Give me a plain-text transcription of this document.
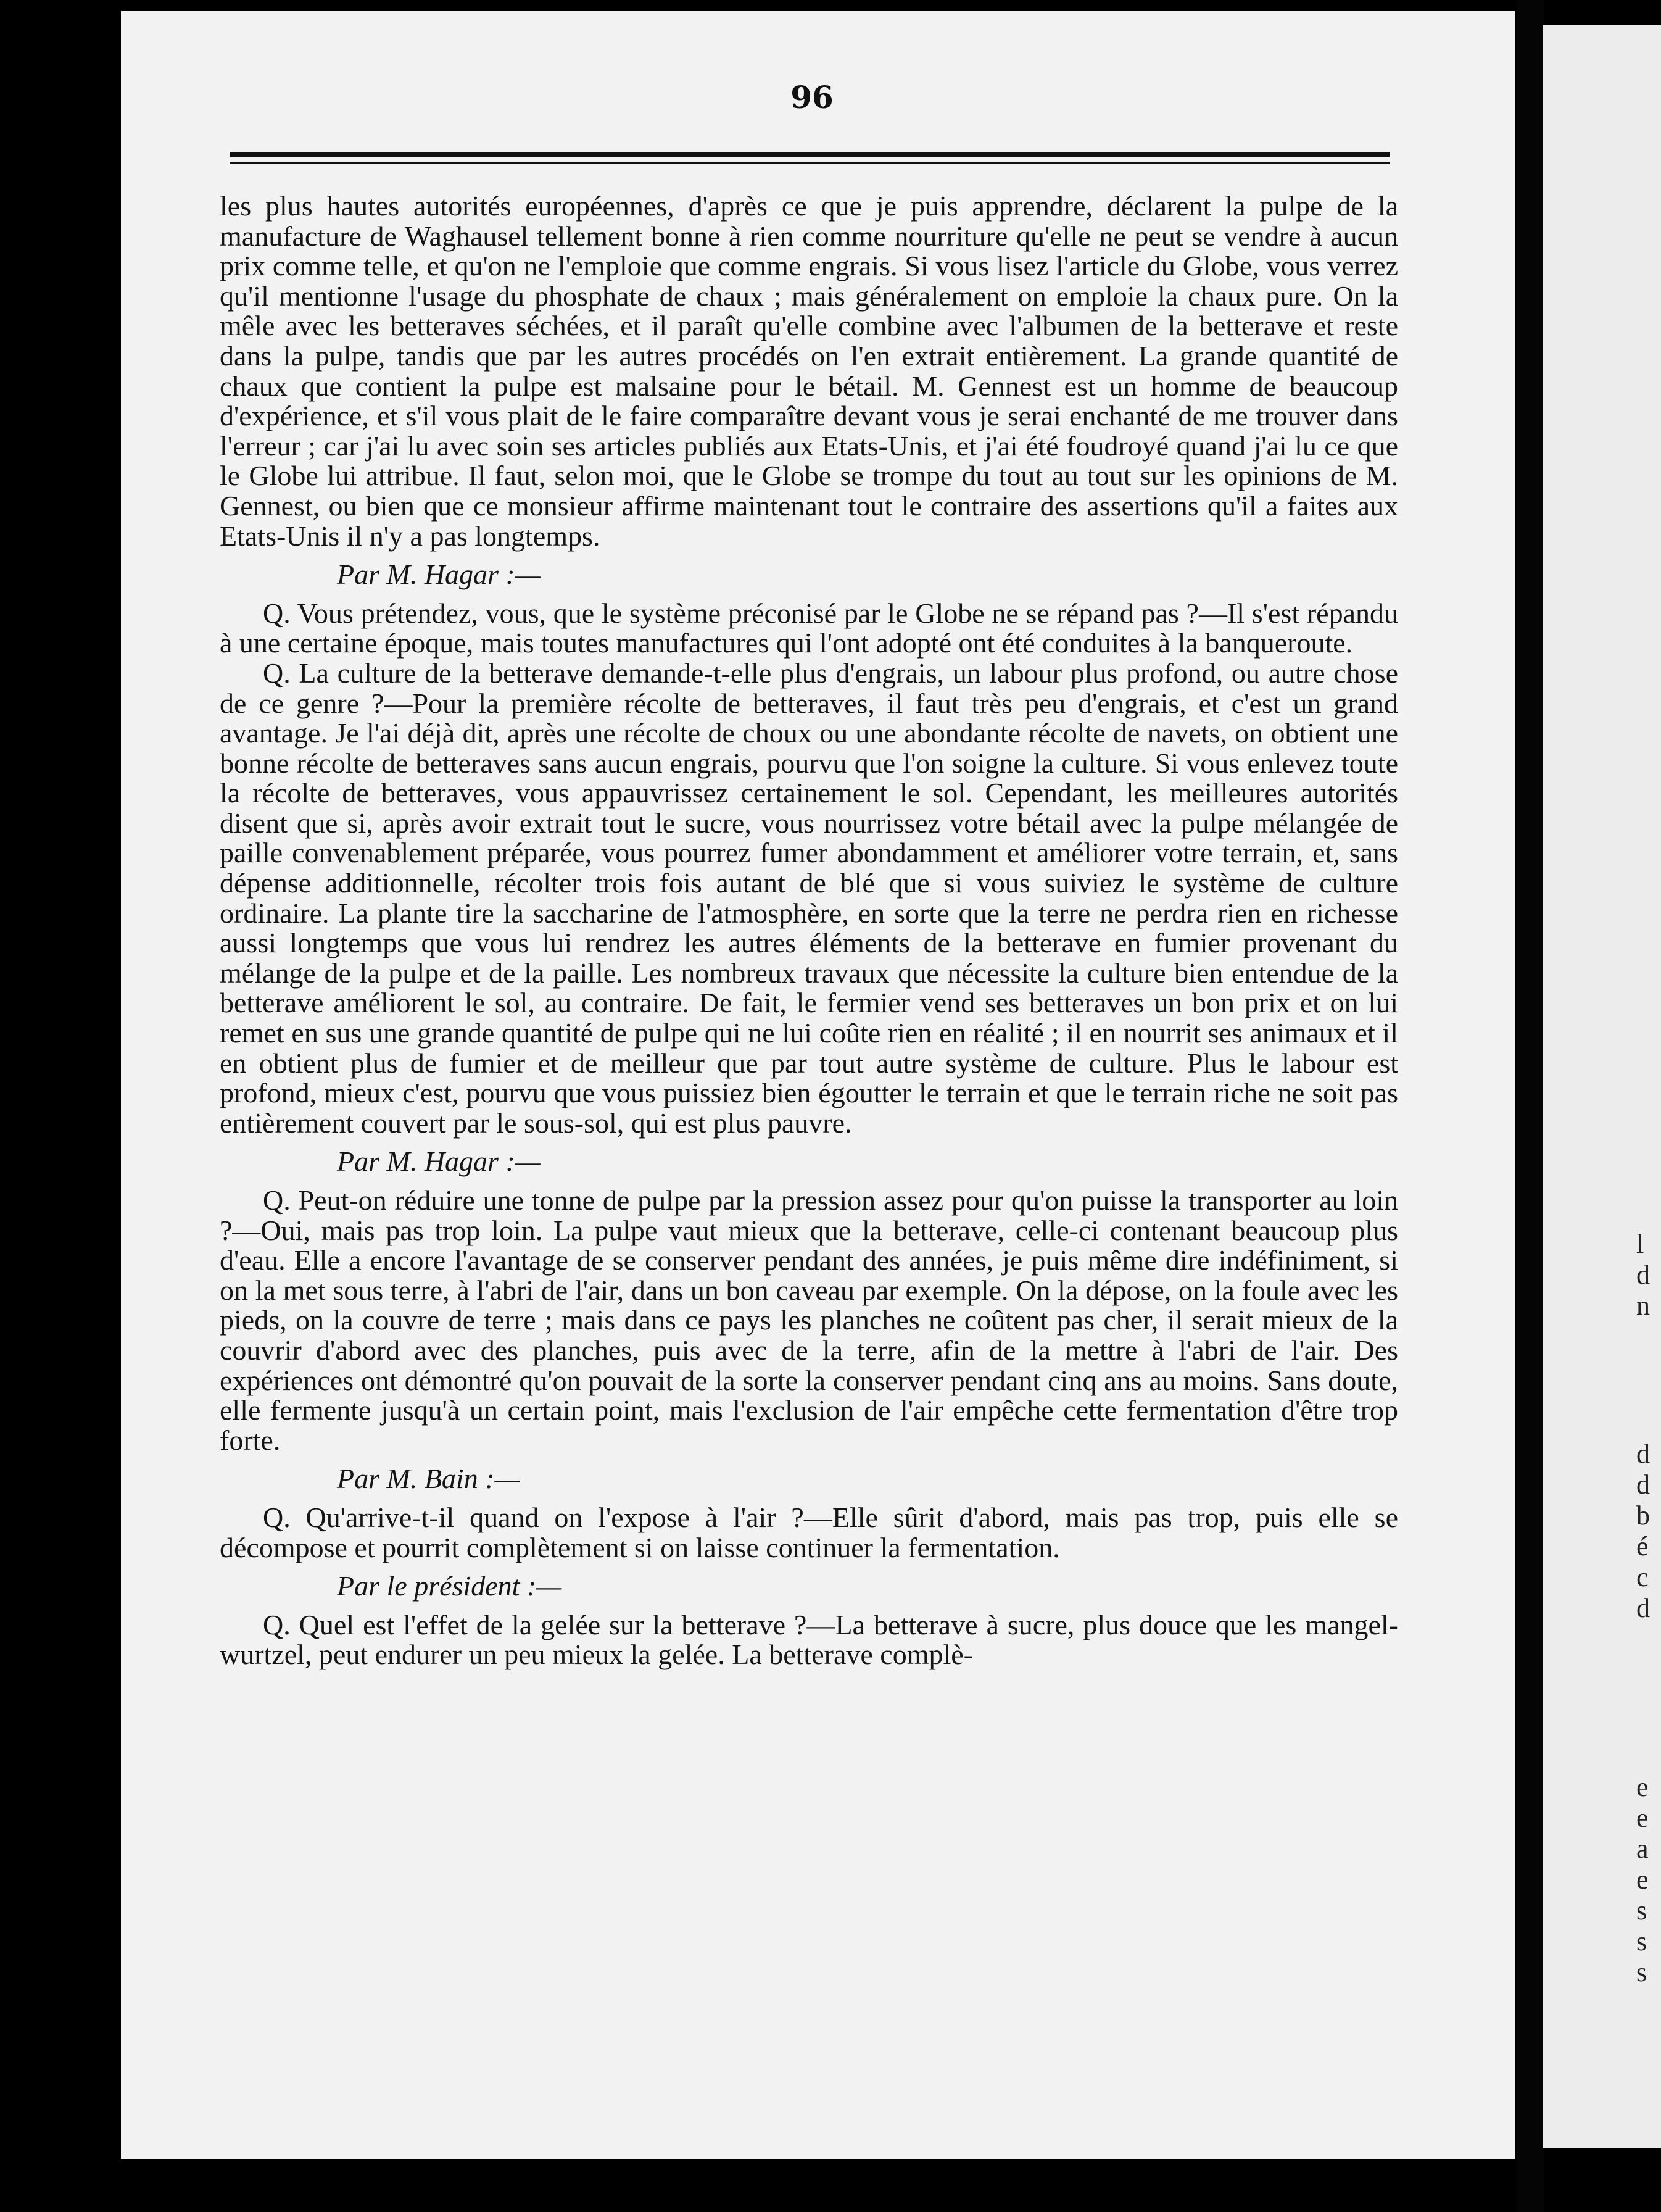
96

les plus hautes autorités européennes, d'après ce que je puis apprendre, déclarent la pulpe de la manufacture de Waghausel tellement bonne à rien comme nourriture qu'elle ne peut se vendre à aucun prix comme telle, et qu'on ne l'emploie que comme engrais. Si vous lisez l'article du Globe, vous verrez qu'il mentionne l'usage du phosphate de chaux ; mais généralement on emploie la chaux pure. On la mêle avec les betteraves séchées, et il paraît qu'elle combine avec l'albumen de la betterave et reste dans la pulpe, tandis que par les autres procédés on l'en extrait entièrement. La grande quantité de chaux que contient la pulpe est malsaine pour le bétail. M. Gennest est un homme de beaucoup d'expérience, et s'il vous plait de le faire comparaître devant vous je serai enchanté de me trouver dans l'erreur ; car j'ai lu avec soin ses articles publiés aux Etats-Unis, et j'ai été foudroyé quand j'ai lu ce que le Globe lui attribue. Il faut, selon moi, que le Globe se trompe du tout au tout sur les opinions de M. Gennest, ou bien que ce monsieur affirme maintenant tout le contraire des assertions qu'il a faites aux Etats-Unis il n'y a pas longtemps.

Par M. Hagar :—

Q. Vous prétendez, vous, que le système préconisé par le Globe ne se répand pas ?—Il s'est répandu à une certaine époque, mais toutes manufactures qui l'ont adopté ont été conduites à la banqueroute.

Q. La culture de la betterave demande-t-elle plus d'engrais, un labour plus profond, ou autre chose de ce genre ?—Pour la première récolte de betteraves, il faut très peu d'engrais, et c'est un grand avantage. Je l'ai déjà dit, après une récolte de choux ou une abondante récolte de navets, on obtient une bonne récolte de betteraves sans aucun engrais, pourvu que l'on soigne la culture. Si vous enlevez toute la récolte de betteraves, vous appauvrissez certainement le sol. Cependant, les meilleures autorités disent que si, après avoir extrait tout le sucre, vous nourrissez votre bétail avec la pulpe mélangée de paille convenablement préparée, vous pourrez fumer abondamment et améliorer votre terrain, et, sans dépense additionnelle, récolter trois fois autant de blé que si vous suiviez le système de culture ordinaire. La plante tire la saccharine de l'atmosphère, en sorte que la terre ne perdra rien en richesse aussi longtemps que vous lui rendrez les autres éléments de la betterave en fumier provenant du mélange de la pulpe et de la paille. Les nombreux travaux que nécessite la culture bien entendue de la betterave améliorent le sol, au contraire. De fait, le fermier vend ses betteraves un bon prix et on lui remet en sus une grande quantité de pulpe qui ne lui coûte rien en réalité ; il en nourrit ses animaux et il en obtient plus de fumier et de meilleur que par tout autre système de culture. Plus le labour est profond, mieux c'est, pourvu que vous puissiez bien égoutter le terrain et que le terrain riche ne soit pas entièrement couvert par le sous-sol, qui est plus pauvre.

Par M. Hagar :—

Q. Peut-on réduire une tonne de pulpe par la pression assez pour qu'on puisse la transporter au loin ?—Oui, mais pas trop loin. La pulpe vaut mieux que la betterave, celle-ci contenant beaucoup plus d'eau. Elle a encore l'avantage de se conserver pendant des années, je puis même dire indéfiniment, si on la met sous terre, à l'abri de l'air, dans un bon caveau par exemple. On la dépose, on la foule avec les pieds, on la couvre de terre ; mais dans ce pays les planches ne coûtent pas cher, il serait mieux de la couvrir d'abord avec des planches, puis avec de la terre, afin de la mettre à l'abri de l'air. Des expériences ont démontré qu'on pouvait de la sorte la conserver pendant cinq ans au moins. Sans doute, elle fermente jusqu'à un certain point, mais l'exclusion de l'air empêche cette fermentation d'être trop forte.

Par M. Bain :—

Q. Qu'arrive-t-il quand on l'expose à l'air ?—Elle sûrit d'abord, mais pas trop, puis elle se décompose et pourrit complètement si on laisse continuer la fermentation.

Par le président :—

Q. Quel est l'effet de la gelée sur la betterave ?—La betterave à sucre, plus douce que les mangel-wurtzel, peut endurer un peu mieux la gelée. La betterave complè-

l
d
n
d
d
b
é
c
d
e
e
a
e
s
s
s
